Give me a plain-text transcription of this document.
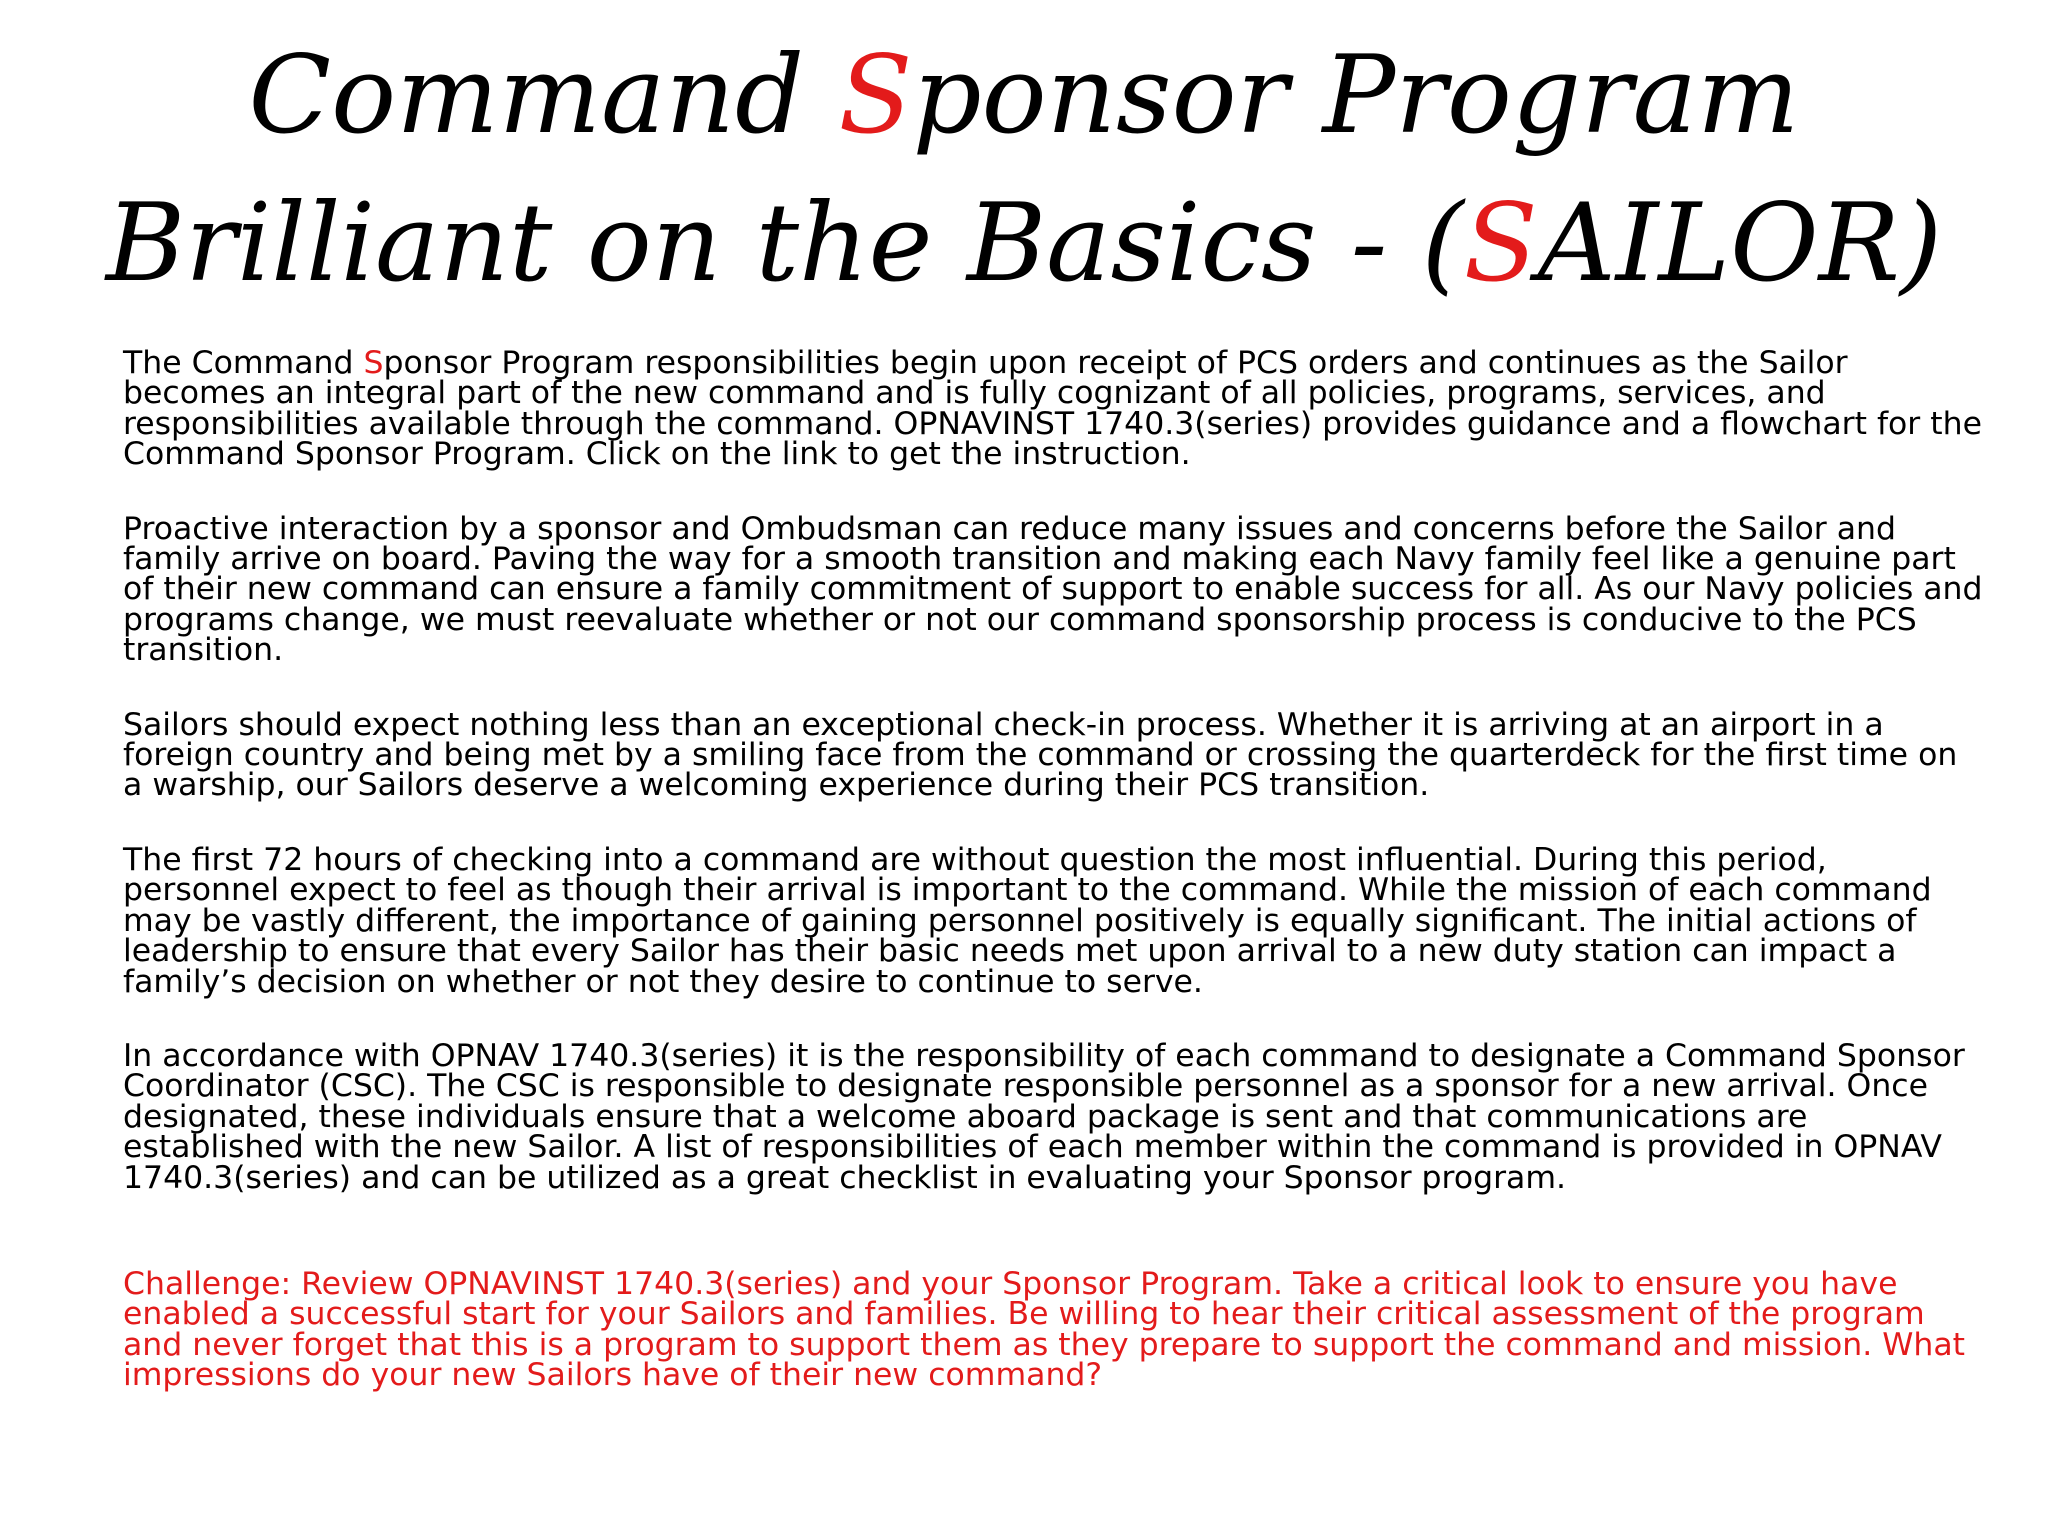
Command Sponsor Program
Brilliant on the Basics - (SAILOR)

The Command Sponsor Program responsibilities begin upon receipt of PCS orders and continues as the Sailor becomes an integral part of the new command and is fully cognizant of all policies, programs, services, and responsibilities available through the command. OPNAVINST 1740.3(series) provides guidance and a flowchart for the Command Sponsor Program. Click on the link to get the instruction.

Proactive interaction by a sponsor and Ombudsman can reduce many issues and concerns before the Sailor and family arrive on board. Paving the way for a smooth transition and making each Navy family feel like a genuine part of their new command can ensure a family commitment of support to enable success for all. As our Navy policies and programs change, we must reevaluate whether or not our command sponsorship process is conducive to the PCS transition.

Sailors should expect nothing less than an exceptional check-in process. Whether it is arriving at an airport in a foreign country and being met by a smiling face from the command or crossing the quarterdeck for the first time on a warship, our Sailors deserve a welcoming experience during their PCS transition.

The first 72 hours of checking into a command are without question the most influential. During this period, personnel expect to feel as though their arrival is important to the command. While the mission of each command may be vastly different, the importance of gaining personnel positively is equally significant. The initial actions of leadership to ensure that every Sailor has their basic needs met upon arrival to a new duty station can impact a family’s decision on whether or not they desire to continue to serve.

In accordance with OPNAV 1740.3(series) it is the responsibility of each command to designate a Command Sponsor Coordinator (CSC). The CSC is responsible to designate responsible personnel as a sponsor for a new arrival. Once designated, these individuals ensure that a welcome aboard package is sent and that communications are established with the new Sailor. A list of responsibilities of each member within the command is provided in OPNAV 1740.3(series) and can be utilized as a great checklist in evaluating your Sponsor program.

Challenge: Review OPNAVINST 1740.3(series) and your Sponsor Program. Take a critical look to ensure you have enabled a successful start for your Sailors and families. Be willing to hear their critical assessment of the program and never forget that this is a program to support them as they prepare to support the command and mission. What impressions do your new Sailors have of their new command?
